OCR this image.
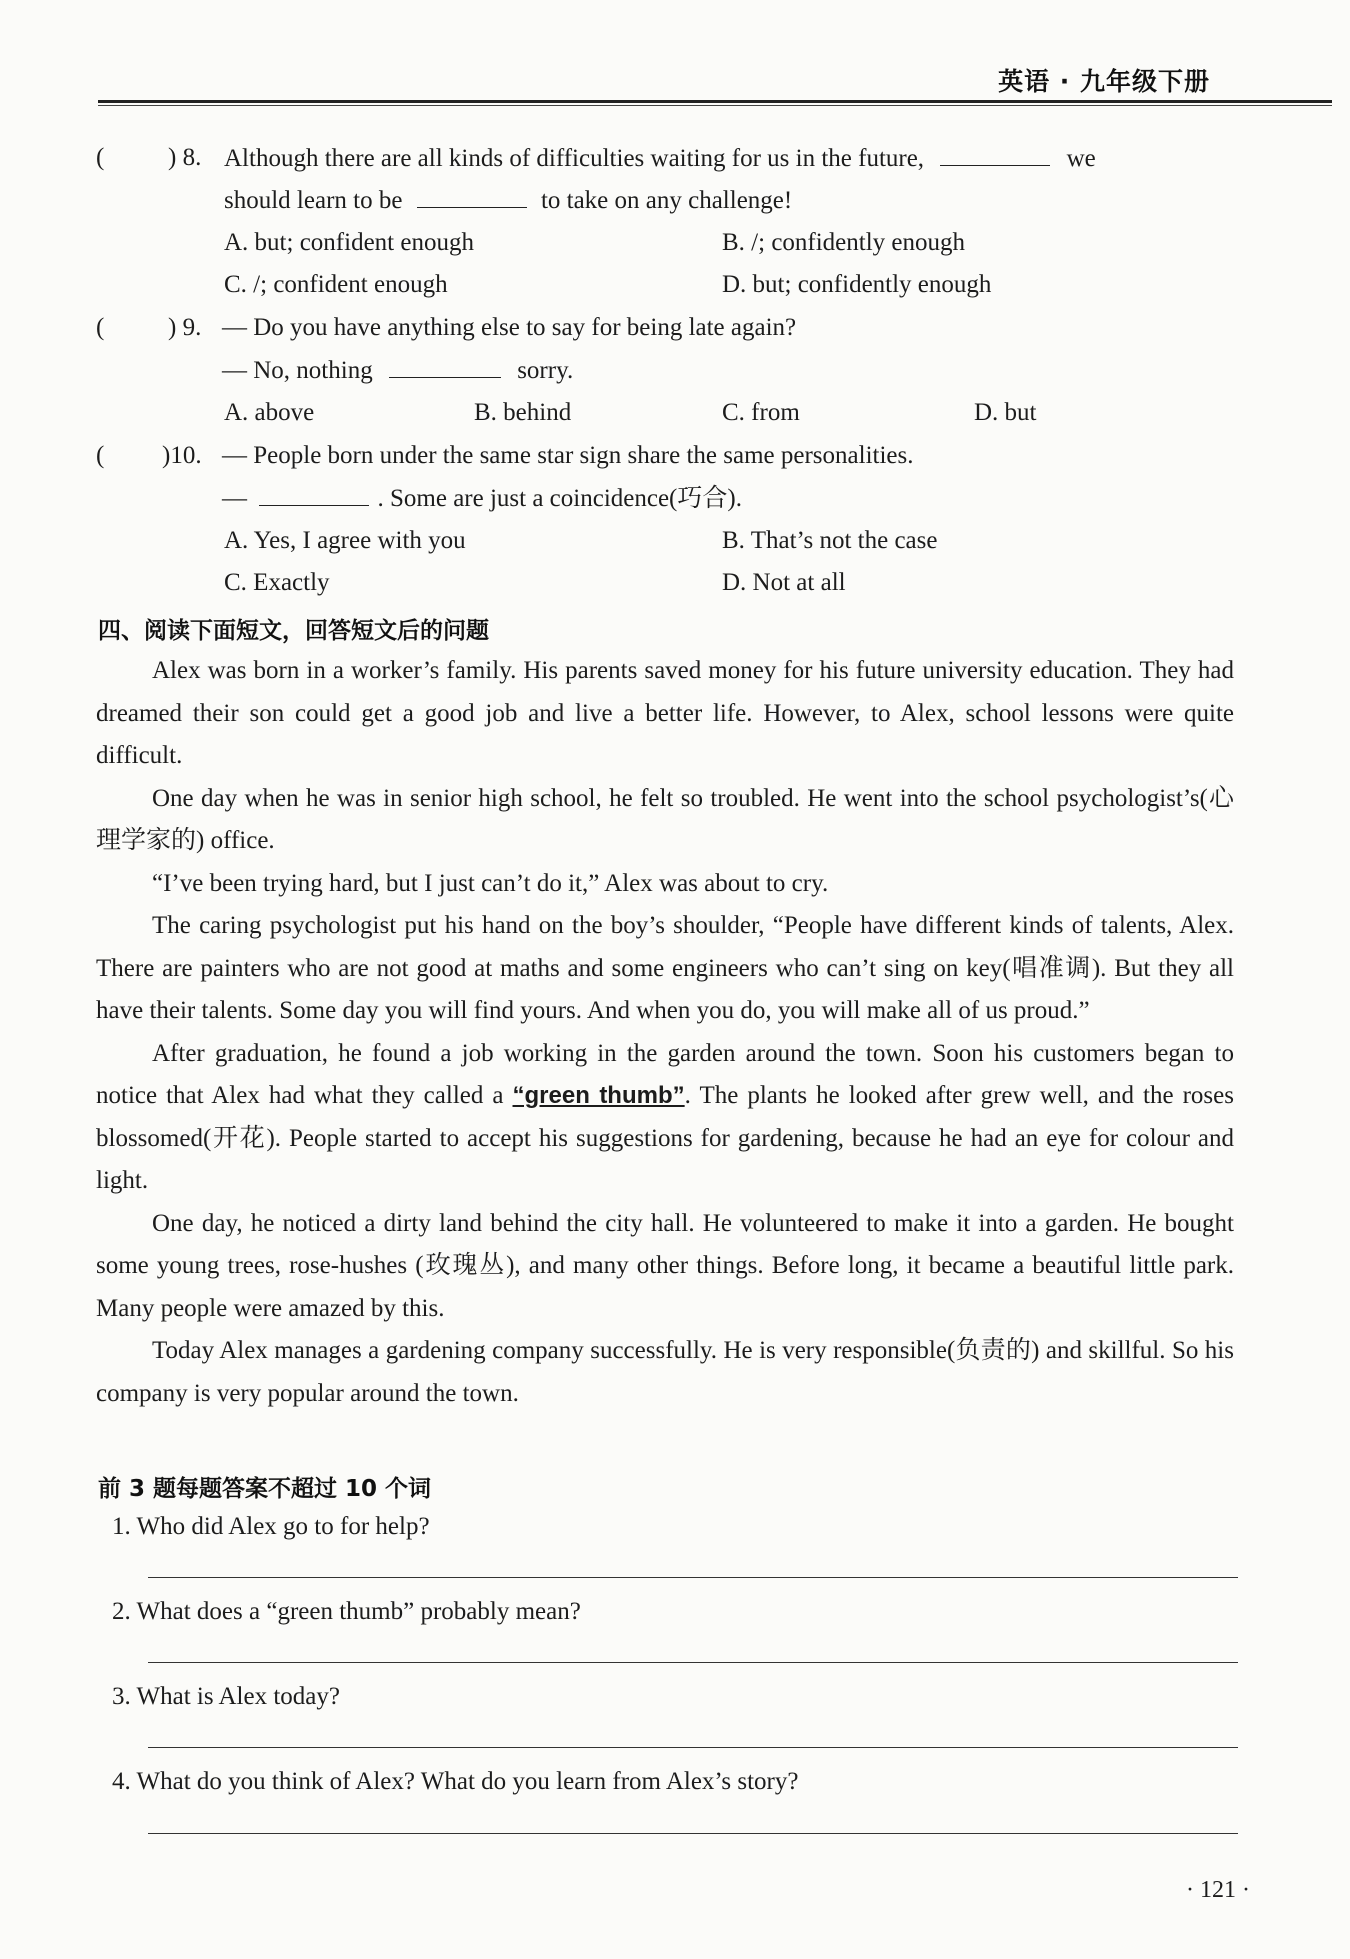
英语 · 九年级下册
(	) 8. Although there are all kinds of difficulties waiting for us in the future,	we
should learn to be	to take on any challenge!
A. but; confident enough	B. /; confidently enough
C. /; confident enough	D. but; confidently enough
(	) 9. — Do you have anything else to say for being late again?
— No, nothing	sorry.
A. above	B. behind	C. from	D. but
( )10. — People born under the same star sign share the same personalities.
—	. Some are just a coincidence(巧合).
A. Yes, I agree with you	B. That’s not the case
C. Exactly	D. Not at all
四、阅读下面短文，回答短文后的问题

Alex was born in a worker’s family. His parents saved money for his future university education. They had dreamed their son could get a good job and live a better life. However, to Alex, school lessons were quite difficult.

One day when he was in senior high school, he felt so troubled. He went into the school psychologist’s(心理学家的) office.

“I’ve been trying hard, but I just can’t do it,” Alex was about to cry.

The caring psychologist put his hand on the boy’s shoulder, “People have different kinds of talents, Alex. There are painters who are not good at maths and some engineers who can’t sing on key(唱准调). But they all have their talents. Some day you will find yours. And when you do, you will make all of us proud.”

After graduation, he found a job working in the garden around the town. Soon his customers began to notice that Alex had what they called a “green thumb”. The plants he looked after grew well, and the roses blossomed(开花). People started to accept his suggestions for gardening, because he had an eye for colour and light.

One day, he noticed a dirty land behind the city hall. He volunteered to make it into a garden. He bought some young trees, rose-hushes (玫瑰丛), and many other things. Before long, it became a beautiful little park. Many people were amazed by this.

Today Alex manages a gardening company successfully. He is very responsible(负责的) and skillful. So his company is very popular around the town.

前 3 题每题答案不超过 10 个词
1. Who did Alex go to for help?
2. What does a “green thumb” probably mean?
3. What is Alex today?
4. What do you think of Alex? What do you learn from Alex’s story?
· 121 ·
